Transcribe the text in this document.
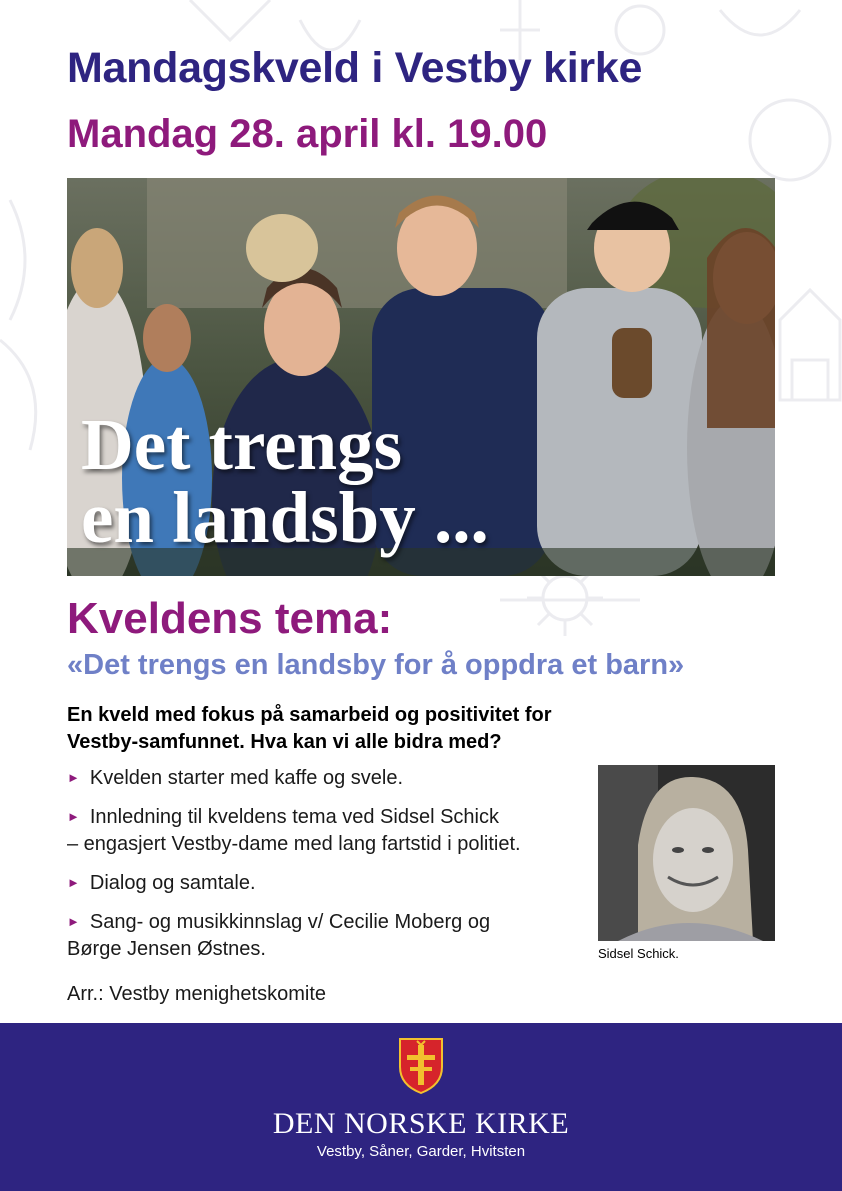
Mandagskveld i Vestby kirke
Mandag 28. april kl. 19.00

Det trengs
en landsby ...

Kveldens tema:

«Det trengs en landsby for å oppdra et barn»

En kveld med fokus på samarbeid og positivitet for
Vestby-samfunnet. Hva kan vi alle bidra med?

► Kvelden starter med kaffe og svele.
► Innledning til kveldens tema ved Sidsel Schick
– engasjert Vestby-dame med lang fartstid i politiet.
► Dialog og samtale.
► Sang- og musikkinnslag v/ Cecilie Moberg og
Børge Jensen Østnes.	Sidsel Schick.

Arr.: Vestby menighetskomite

DEN NORSKE KIRKE

Vestby, Såner, Garder, Hvitsten
